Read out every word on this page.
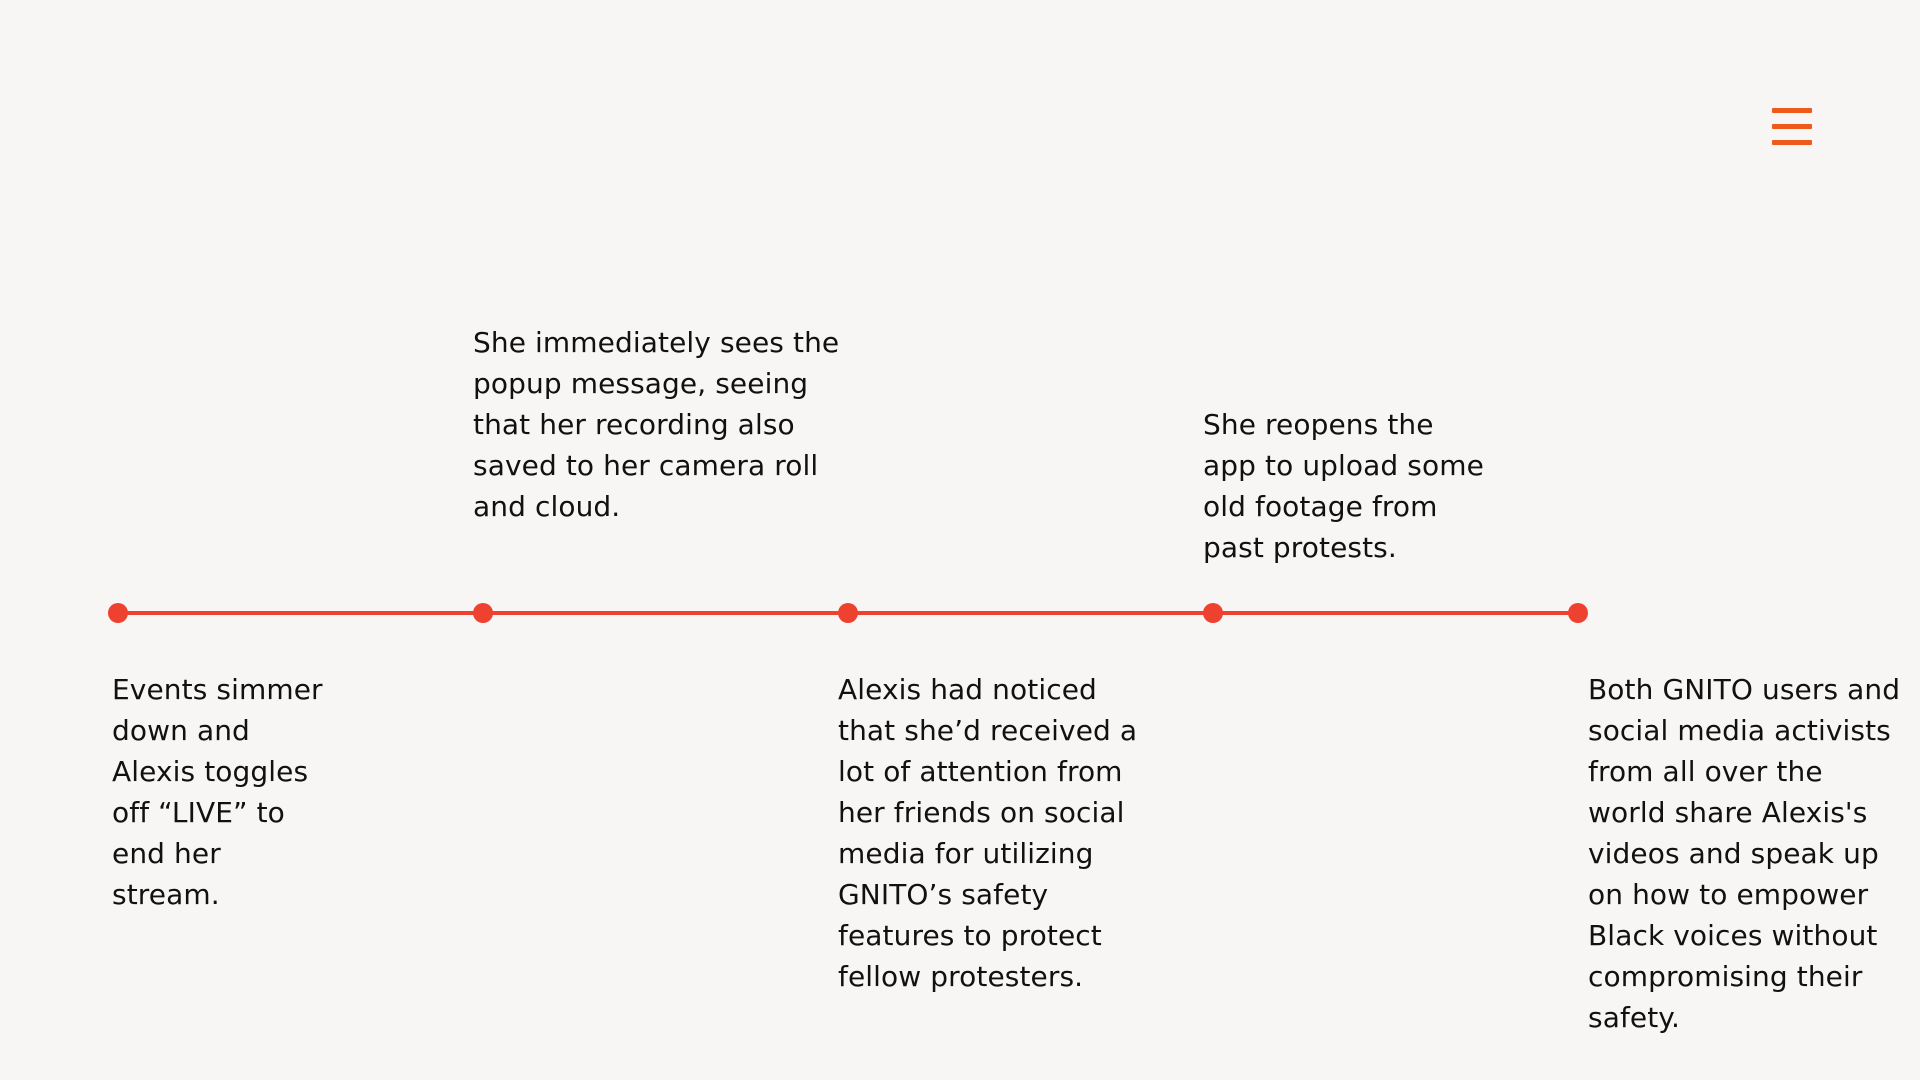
Events simmer
down and
Alexis toggles
off “LIVE” to
end her
stream.

She immediately sees the
popup message, seeing
that her recording also
saved to her camera roll
and cloud.

Alexis had noticed
that she’d received a
lot of attention from
her friends on social
media for utilizing
GNITO’s safety
features to protect
fellow protesters.

She reopens the
app to upload some
old footage from
past protests.

Both GNITO users and
social media activists
from all over the
world share Alexis's
videos and speak up
on how to empower
Black voices without
compromising their
safety.
